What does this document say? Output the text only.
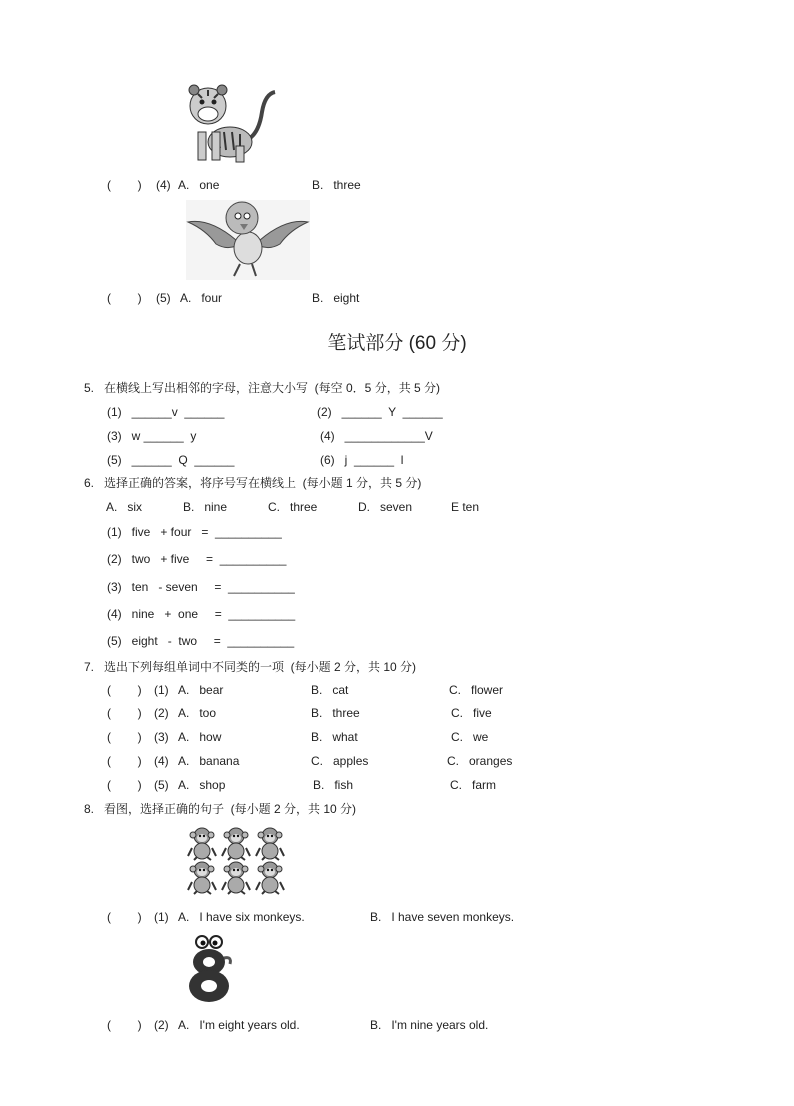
(        ) (4) A.   one	B.   three
(        ) (5) A.   four	B.   eight
笔试部分 (60 分)
5.   在横线上写出相邻的字母，注意大小写  (每空 0．5 分，共 5 分)
(1)   ______v  ______	(2)   ______  Y  ______
(3)   w ______  y	(4)   ____________V
(5)   ______  Q  ______	(6)   j  ______  l
6.   选择正确的答案，将序号写在横线上  (每小题 1 分，共 5 分)
A.   six	B.   nine	C.   three	D.   seven	E ten
(1)   five   + four   =  __________
(2)   two   + five     =  __________
(3)   ten   - seven     =  __________
(4)   nine   +  one     =  __________
(5)   eight   -  two     =  __________
7.   选出下列每组单词中不同类的一项  (每小题 2 分，共 10 分)
(        ) (1) A.   bear	B.   cat	C.   flower
(        ) (2) A.   too	B.   three	C.   five
(        ) (3) A.   how	B.   what	C.   we
(        ) (4) A.   banana	C.   apples	C.   oranges
(        ) (5) A.   shop	B.   fish	C.   farm
8.   看图，选择正确的句子  (每小题 2 分，共 10 分)
(        ) (1) A.   I have six monkeys.	B.   I have seven monkeys.
(        ) (2) A.   I'm eight years old.	B.   I'm nine years old.
